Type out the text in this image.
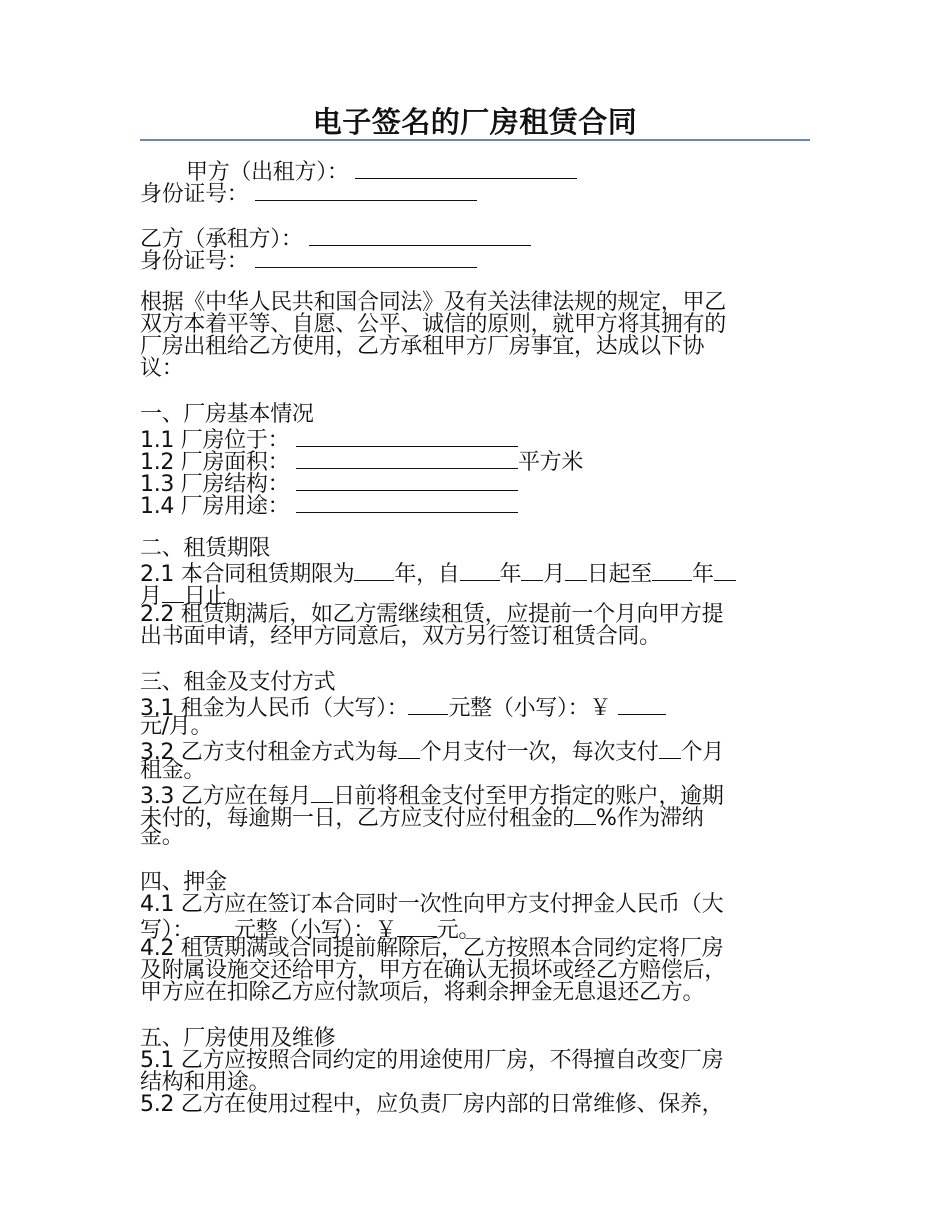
电子签名的厂房租赁合同
甲方（出租方）：
身份证号：
乙方（承租方）：
身份证号：
根据《中华人民共和国合同法》及有关法律法规的规定，甲乙
双方本着平等、自愿、公平、诚信的原则，就甲方将其拥有的
厂房出租给乙方使用，乙方承租甲方厂房事宜，达成以下协
议：
一、厂房基本情况
1.1 厂房位于：
1.2 厂房面积：	平方米
1.3 厂房结构：
1.4 厂房用途：
二、租赁期限
2.1 本合同租赁期限为 年，自 年 月 日起至 年
月 日止。
2.2 租赁期满后，如乙方需继续租赁，应提前一个月向甲方提
出书面申请，经甲方同意后，双方另行签订租赁合同。
三、租金及支付方式
3.1 租金为人民币（大写）： 元整（小写）：￥
元/月。
3.2 乙方支付租金方式为每 个月支付一次，每次支付 个月
租金。
3.3 乙方应在每月 日前将租金支付至甲方指定的账户，逾期
未付的，每逾期一日，乙方应支付应付租金的 %作为滞纳
金。
四、押金
4.1 乙方应在签订本合同时一次性向甲方支付押金人民币（大
写）： 元整（小写）：￥ 元。
4.2 租赁期满或合同提前解除后，乙方按照本合同约定将厂房
及附属设施交还给甲方，甲方在确认无损坏或经乙方赔偿后，
甲方应在扣除乙方应付款项后，将剩余押金无息退还乙方。
五、厂房使用及维修
5.1 乙方应按照合同约定的用途使用厂房，不得擅自改变厂房
结构和用途。
5.2 乙方在使用过程中，应负责厂房内部的日常维修、保养，
